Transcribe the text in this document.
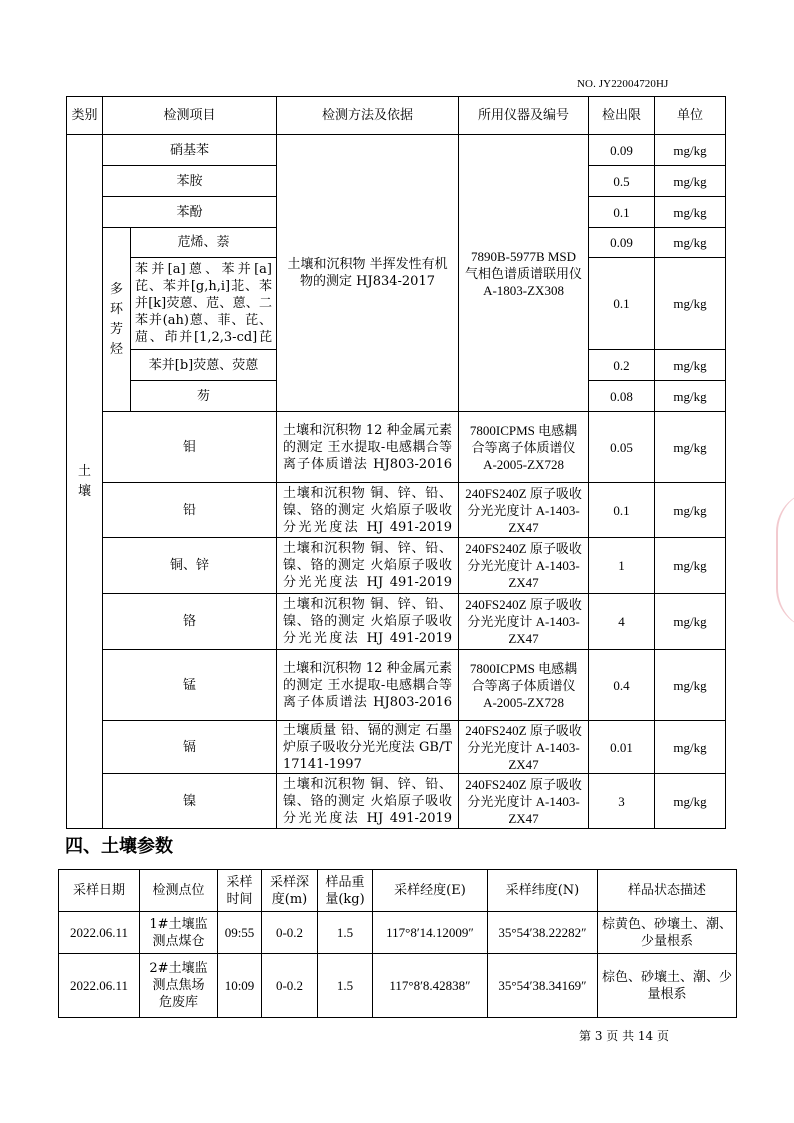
NO. JY22004720HJ
类别	检测项目		检测方法及依据	所用仪器及编号	检出限	单位
土壤	硝基苯		土壤和沉积物 半挥发性有机物的测定 HJ834-2017	7890B-5977B MSD 气相色谱质谱联用仪 A-1803-ZX308	0.09	mg/kg
	苯胺				0.5	mg/kg
	苯酚				0.1	mg/kg
	多环芳烃	苊烯、萘			0.09	mg/kg
		苯并[a]蒽、苯并[a]芘、苯并[g,h,i]苝、苯并[k]荧蒽、苊、蒽、二苯并(ah)蒽、菲、芘、䓛、茚并[1,2,3-cd]芘			0.1	mg/kg
		苯并[b]荧蒽、荧蒽			0.2	mg/kg
		芴			0.08	mg/kg
	钼		土壤和沉积物 12 种金属元素的测定 王水提取-电感耦合等离子体质谱法 HJ803-2016	7800ICPMS 电感耦合等离子体质谱仪 A-2005-ZX728	0.05	mg/kg
	铅		土壤和沉积物 铜、锌、铅、镍、铬的测定 火焰原子吸收分光光度法 HJ 491-2019	240FS240Z 原子吸收分光光度计 A-1403-ZX47	0.1	mg/kg
	铜、锌		土壤和沉积物 铜、锌、铅、镍、铬的测定 火焰原子吸收分光光度法 HJ 491-2019	240FS240Z 原子吸收分光光度计 A-1403-ZX47	1	mg/kg
	铬		土壤和沉积物 铜、锌、铅、镍、铬的测定 火焰原子吸收分光光度法 HJ 491-2019	240FS240Z 原子吸收分光光度计 A-1403-ZX47	4	mg/kg
	锰		土壤和沉积物 12 种金属元素的测定 王水提取-电感耦合等离子体质谱法 HJ803-2016	7800ICPMS 电感耦合等离子体质谱仪 A-2005-ZX728	0.4	mg/kg
	镉		土壤质量 铅、镉的测定 石墨炉原子吸收分光光度法 GB/T 17141-1997	240FS240Z 原子吸收分光光度计 A-1403-ZX47	0.01	mg/kg
	镍		土壤和沉积物 铜、锌、铅、镍、铬的测定 火焰原子吸收分光光度法 HJ 491-2019	240FS240Z 原子吸收分光光度计 A-1403-ZX47	3	mg/kg
四、土壤参数
采样日期	检测点位	采样时间	采样深度(m)	样品重量(kg)	采样经度(E)	采样纬度(N)	样品状态描述
2022.06.11	1#土壤监测点煤仓	09:55	0-0.2	1.5	117°8′14.12009″	35°54′38.22282″	棕黄色、砂壤土、潮、少量根系
2022.06.11	2#土壤监测点焦场危废库	10:09	0-0.2	1.5	117°8′8.42838″	35°54′38.34169″	棕色、砂壤土、潮、少量根系
第 3 页 共 14 页
